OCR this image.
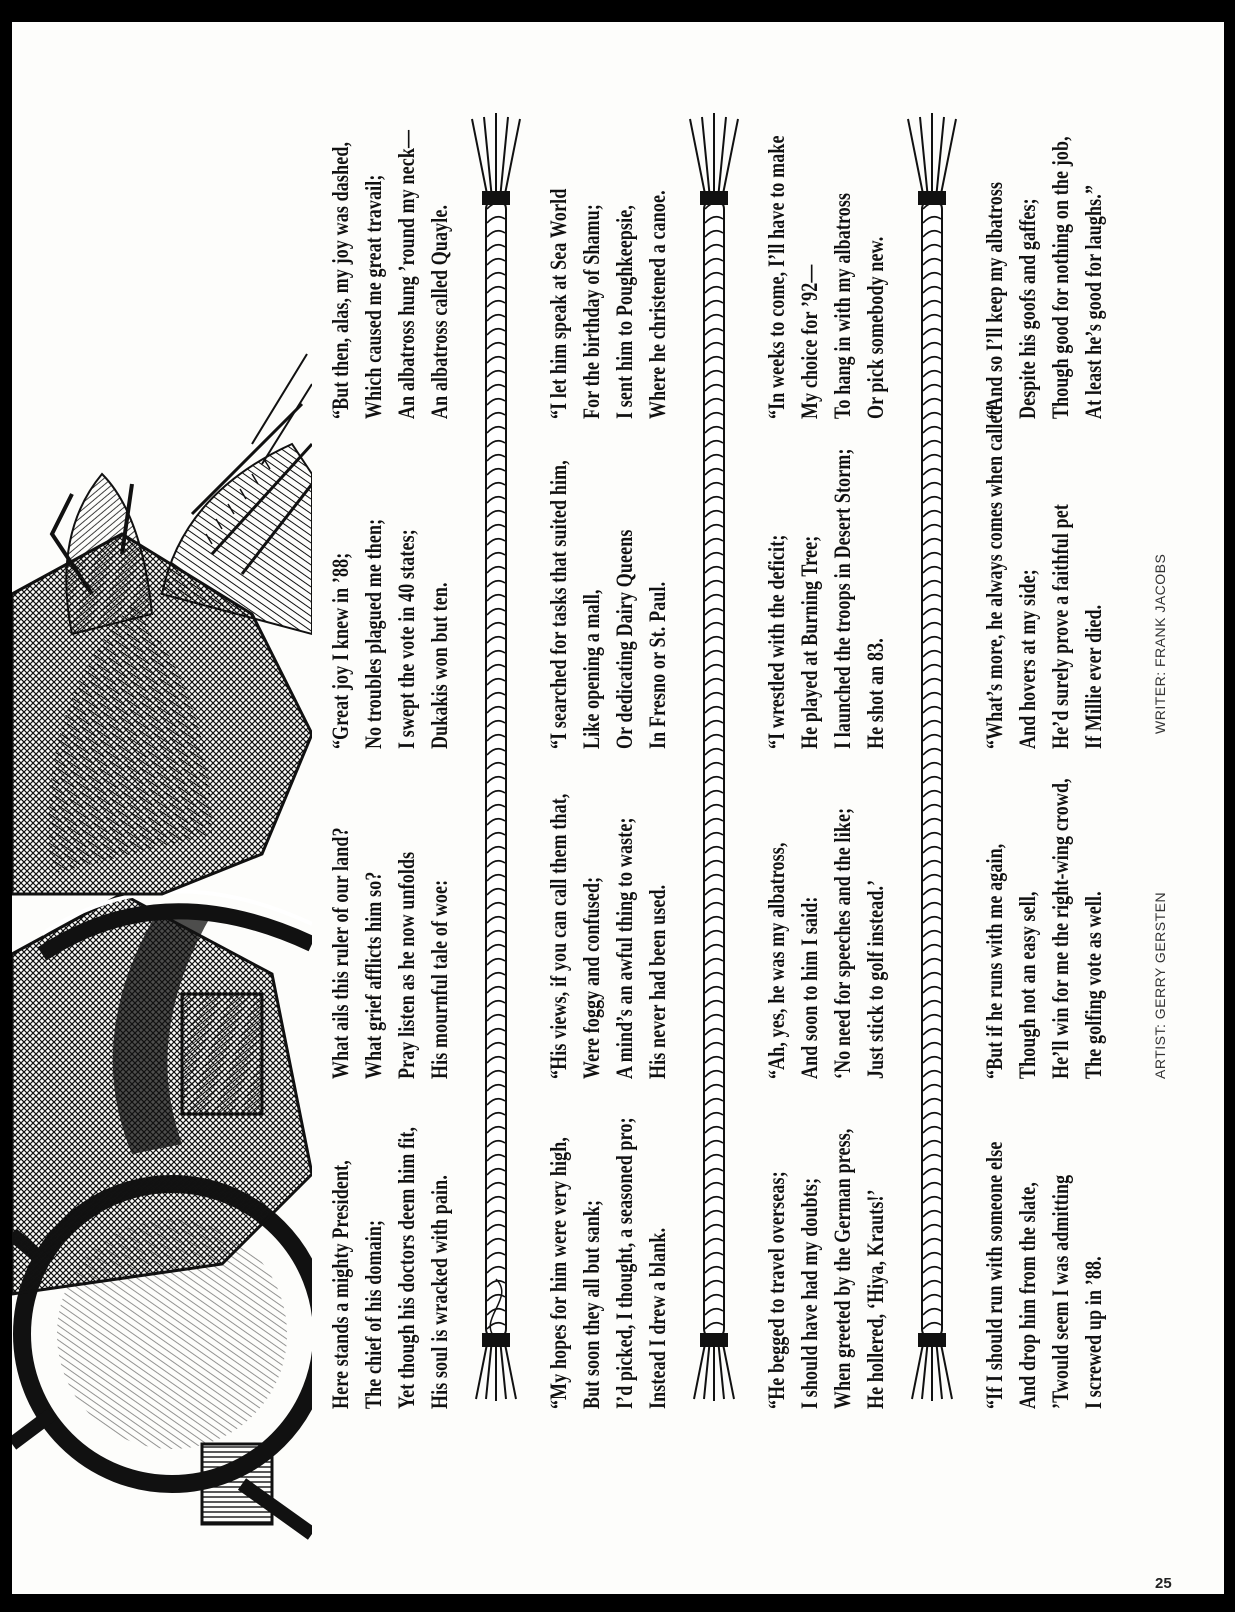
Here stands a mighty President, The chief of his domain; Yet though his doctors deem him fit, His soul is wracked with pain.
What ails this ruler of our land? What grief afflicts him so? Pray listen as he now unfolds His mournful tale of woe:
“Great joy I knew in ’88; No troubles plagued me then; I swept the vote in 40 states; Dukakis won but ten.
“But then, alas, my joy was dashed, Which caused me great travail; An albatross hung ’round my neck— An albatross called Quayle.
“My hopes for him were very high, But soon they all but sank; I’d picked, I thought, a seasoned pro; Instead I drew a blank.
“His views, if you can call them that, Were foggy and confused; A mind’s an awful thing to waste; His never had been used.
“I searched for tasks that suited him, Like opening a mall, Or dedicating Dairy Queens In Fresno or St. Paul.
“I let him speak at Sea World For the birthday of Shamu; I sent him to Poughkeepsie, Where he christened a canoe.
“He begged to travel overseas; I should have had my doubts; When greeted by the German press, He hollered, ‘Hiya, Krauts!’
“Ah, yes, he was my albatross, And soon to him I said: ‘No need for speeches and the like; Just stick to golf instead.’
“I wrestled with the deficit; He played at Burning Tree; I launched the troops in Desert Storm; He shot an 83.
“In weeks to come, I’ll have to make My choice for ’92— To hang in with my albatross Or pick somebody new.
“If I should run with someone else And drop him from the slate, ’Twould seem I was admitting I screwed up in ’88.
“But if he runs with me again, Though not an easy sell, He’ll win for me the right-wing crowd, The golfing vote as well.
“What’s more, he always comes when called And hovers at my side; He’d surely prove a faithful pet If Millie ever died.
“And so I’ll keep my albatross Despite his goofs and gaffes; Though good for nothing on the job, At least he’s good for laughs.”
ARTIST: GERRY GERSTEN
WRITER: FRANK JACOBS
25
